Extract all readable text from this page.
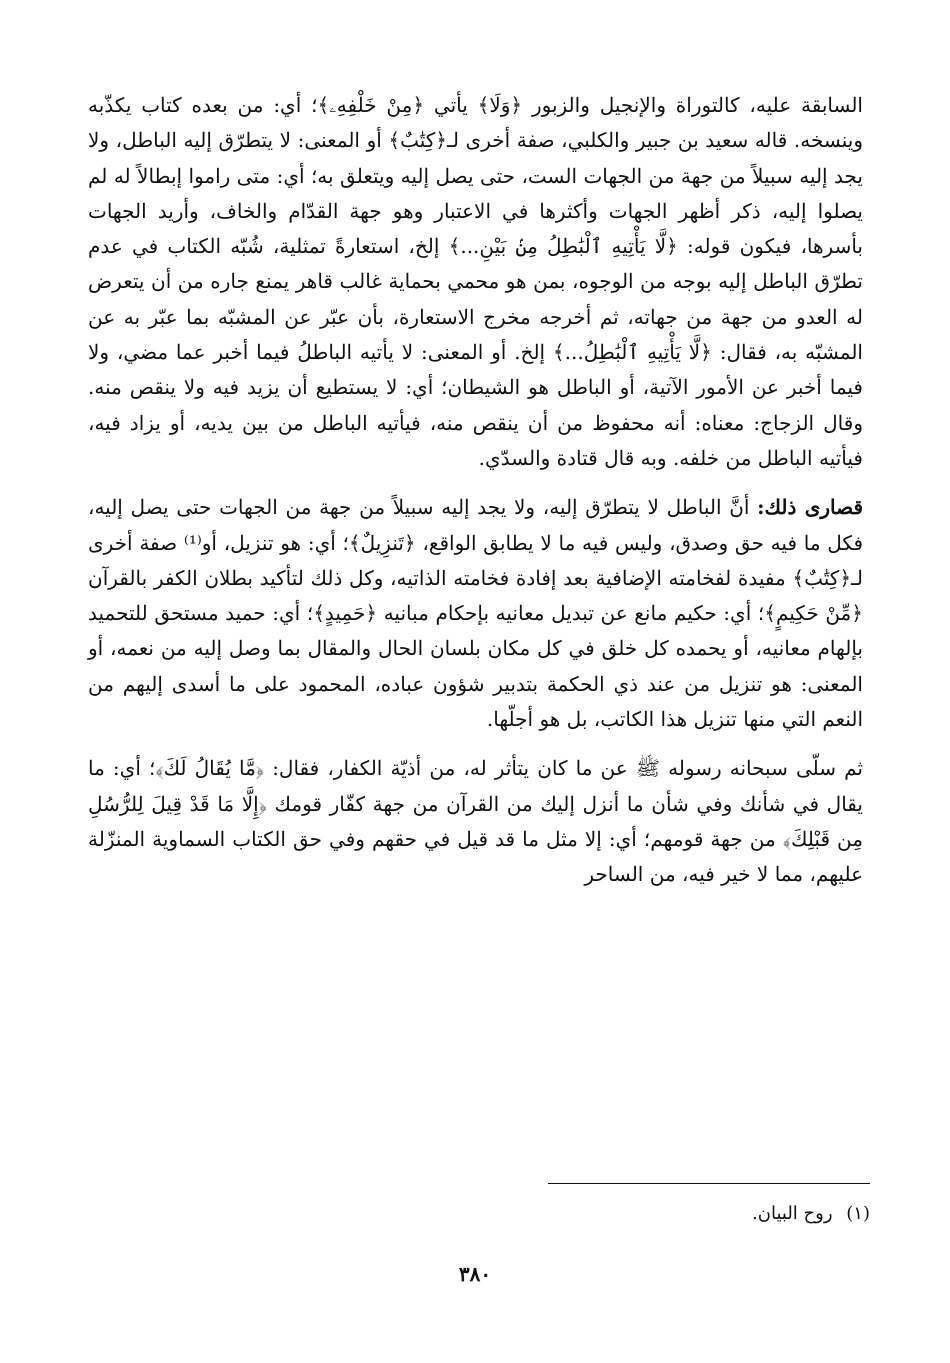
السابقة عليه، كالتوراة والإنجيل والزبور ﴿وَلَا﴾ يأتي ﴿مِنْ خَلْفِهِۦ﴾؛ أي: من بعده كتاب يكذّبه وينسخه. قاله سعيد بن جبير والكلبي، صفة أخرى لـ﴿كِتَٰبٌ﴾ أو المعنى: لا يتطرّق إليه الباطل، ولا يجد إليه سبيلاً من جهة من الجهات الست، حتى يصل إليه ويتعلق به؛ أي: متى راموا إبطالاً له لم يصلوا إليه، ذكر أظهر الجهات وأكثرها في الاعتبار وهو جهة القدّام والخاف، وأريد الجهات بأسرها، فيكون قوله: ﴿لَّا يَأْتِيهِ ٱلْبَٰطِلُ مِنۢ بَيْنِ...﴾ إلخ، استعارةً تمثلية، شُبّه الكتاب في عدم تطرّق الباطل إليه بوجه من الوجوه، بمن هو محمي بحماية غالب قاهر يمنع جاره من أن يتعرض له العدو من جهة من جهاته، ثم أخرجه مخرج الاستعارة، بأن عبّر عن المشبّه بما عبّر به عن المشبّه به، فقال: ﴿لَّا يَأْتِيهِ ٱلْبَٰطِلُ...﴾ إلخ. أو المعنى: لا يأتيه الباطلُ فيما أخبر عما مضي، ولا فيما أخبر عن الأمور الآتية، أو الباطل هو الشيطان؛ أي: لا يستطيع أن يزيد فيه ولا ينقص منه. وقال الزجاج: معناه: أنه محفوظ من أن ينقص منه، فيأتيه الباطل من بين يديه، أو يزاد فيه، فيأتيه الباطل من خلفه. وبه قال قتادة والسدّي.

قصارى ذلك: أنَّ الباطل لا يتطرّق إليه، ولا يجد إليه سبيلاً من جهة من الجهات حتى يصل إليه، فكل ما فيه حق وصدق، وليس فيه ما لا يطابق الواقع، ﴿تَنزِيلٌ﴾؛ أي: هو تنزيل، أو⁽¹⁾ صفة أخرى لـ﴿كِتَٰبٌ﴾ مفيدة لفخامته الإضافية بعد إفادة فخامته الذاتيه، وكل ذلك لتأكيد بطلان الكفر بالقرآن ﴿مِّنْ حَكِيمٍ﴾؛ أي: حكيم مانع عن تبديل معانيه بإحكام مبانيه ﴿حَمِيدٍ﴾؛ أي: حميد مستحق للتحميد بإلهام معانيه، أو يحمده كل خلق في كل مكان بلسان الحال والمقال بما وصل إليه من نعمه، أو المعنى: هو تنزيل من عند ذي الحكمة بتدبير شؤون عباده، المحمود على ما أسدى إليهم من النعم التي منها تنزيل هذا الكاتب، بل هو أجلّها.

ثم سلّى سبحانه رسوله ﷺ عن ما كان يتأثر له، من أذيّة الكفار، فقال: ﴿مَّا يُقَالُ لَكَ﴾؛ أي: ما يقال في شأنك وفي شأن ما أنزل إليك من القرآن من جهة كفّار قومك ﴿إِلَّا مَا قَدْ قِيلَ لِلرُّسُلِ مِن قَبْلِكَ﴾ من جهة قومهم؛ أي: إلا مثل ما قد قيل في حقهم وفي حق الكتاب السماوية المنزّلة عليهم، مما لا خير فيه، من الساحر

(١) روح البيان.
٣٨٠
